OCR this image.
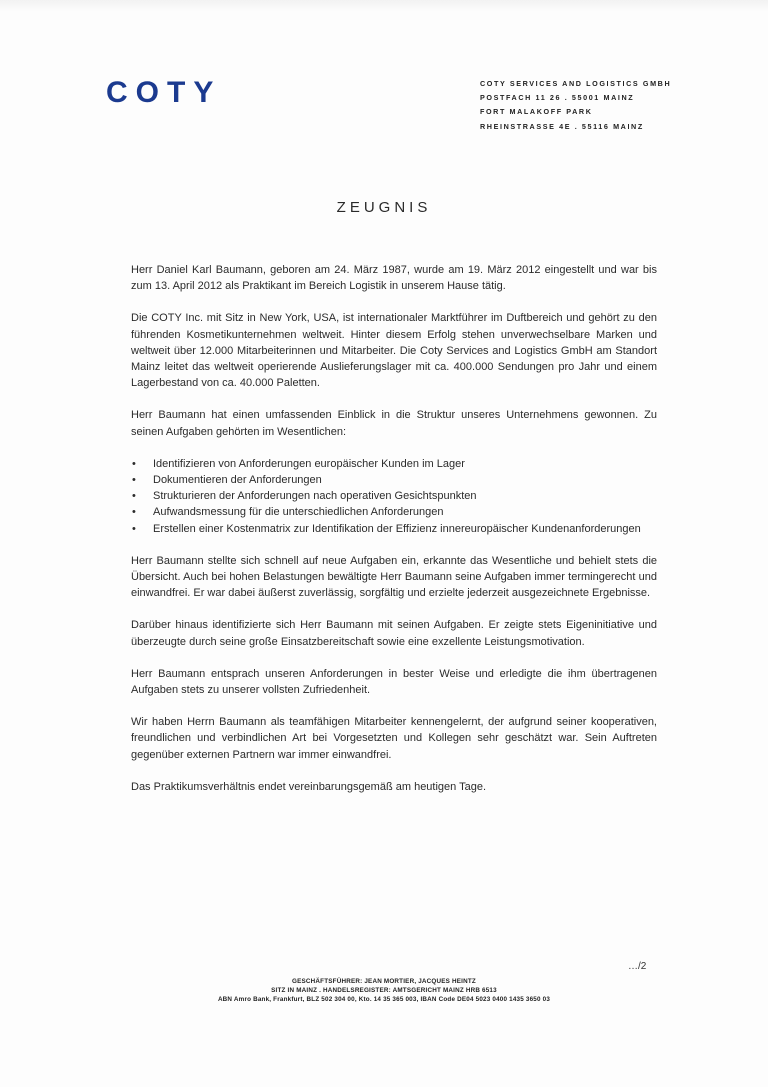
COTY	COTY SERVICES AND LOGISTICS GMBH
POSTFACH 11 26 . 55001 MAINZ
FORT MALAKOFF PARK
RHEINSTRASSE 4E . 55116 MAINZ
ZEUGNIS

Herr Daniel Karl Baumann, geboren am 24. März 1987, wurde am 19. März 2012 eingestellt und war bis zum 13. April 2012 als Praktikant im Bereich Logistik in unserem Hause tätig.

Die COTY Inc. mit Sitz in New York, USA, ist internationaler Marktführer im Duftbereich und gehört zu den führenden Kosmetikunternehmen weltweit. Hinter diesem Erfolg stehen unverwechselbare Marken und weltweit über 12.000 Mitarbeiterinnen und Mitarbeiter. Die Coty Services and Logistics GmbH am Standort Mainz leitet das weltweit operierende Auslieferungslager mit ca. 400.000 Sendungen pro Jahr und einem Lagerbestand von ca. 40.000 Paletten.

Herr Baumann hat einen umfassenden Einblick in die Struktur unseres Unternehmens gewonnen. Zu seinen Aufgaben gehörten im Wesentlichen:

• Identifizieren von Anforderungen europäischer Kunden im Lager
• Dokumentieren der Anforderungen
• Strukturieren der Anforderungen nach operativen Gesichtspunkten
• Aufwandsmessung für die unterschiedlichen Anforderungen
• Erstellen einer Kostenmatrix zur Identifikation der Effizienz innereuropäischer Kundenanforderungen

Herr Baumann stellte sich schnell auf neue Aufgaben ein, erkannte das Wesentliche und behielt stets die Übersicht. Auch bei hohen Belastungen bewältigte Herr Baumann seine Aufgaben immer termingerecht und einwandfrei. Er war dabei äußerst zuverlässig, sorgfältig und erzielte jederzeit ausgezeichnete Ergebnisse.

Darüber hinaus identifizierte sich Herr Baumann mit seinen Aufgaben. Er zeigte stets Eigeninitiative und überzeugte durch seine große Einsatzbereitschaft sowie eine exzellente Leistungsmotivation.

Herr Baumann entsprach unseren Anforderungen in bester Weise und erledigte die ihm übertragenen Aufgaben stets zu unserer vollsten Zufriedenheit.

Wir haben Herrn Baumann als teamfähigen Mitarbeiter kennengelernt, der aufgrund seiner kooperativen, freundlichen und verbindlichen Art bei Vorgesetzten und Kollegen sehr geschätzt war. Sein Auftreten gegenüber externen Partnern war immer einwandfrei.

Das Praktikumsverhältnis endet vereinbarungsgemäß am heutigen Tage.

…/2
GESCHÄFTSFÜHRER: JEAN MORTIER, JACQUES HEINTZ
SITZ IN MAINZ . HANDELSREGISTER: AMTSGERICHT MAINZ HRB 6513
ABN Amro Bank, Frankfurt, BLZ 502 304 00, Kto. 14 35 365 003, IBAN Code DE04 5023 0400 1435 3650 03
